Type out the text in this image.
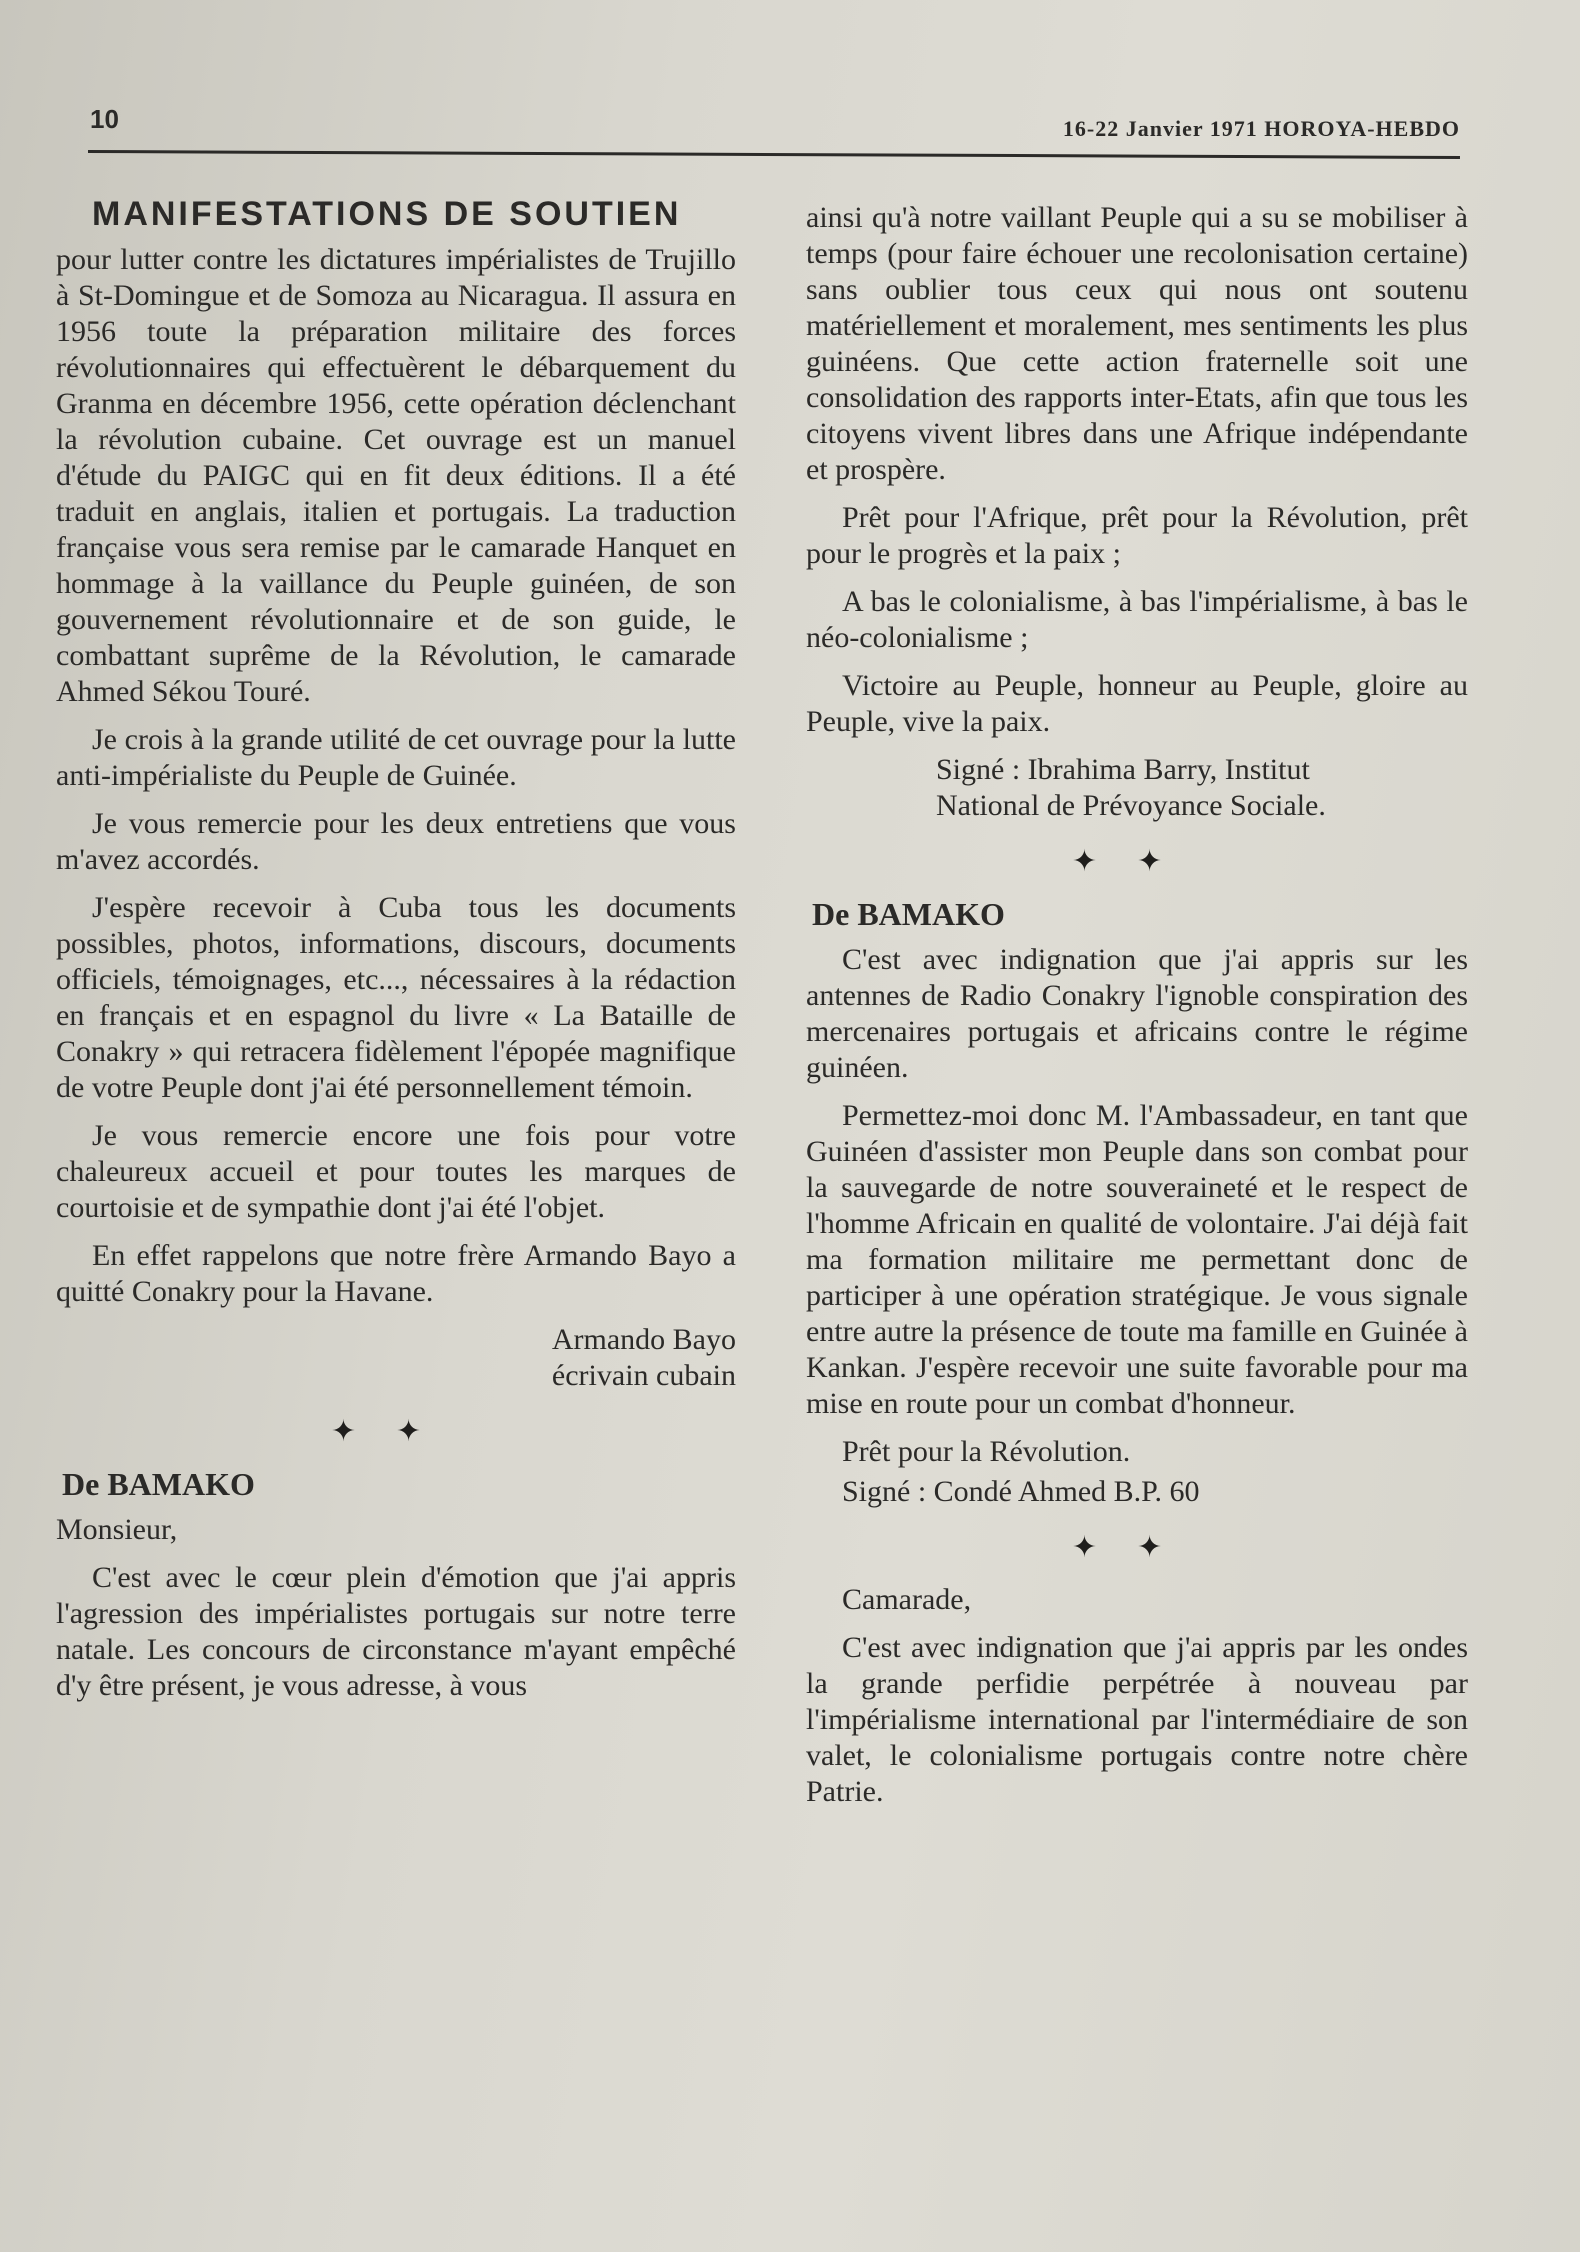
10	16-22 Janvier 1971 HOROYA-HEBDO
MANIFESTATIONS DE SOUTIEN

pour lutter contre les dictatures impérialistes de Trujillo à St-Domingue et de Somoza au Nicaragua. Il assura en 1956 toute la préparation militaire des forces révolutionnaires qui effectuèrent le débarquement du Granma en décembre 1956, cette opération déclenchant la révolution cubaine. Cet ouvrage est un manuel d'étude du PAIGC qui en fit deux éditions. Il a été traduit en anglais, italien et portugais. La traduction française vous sera remise par le camarade Hanquet en hommage à la vaillance du Peuple guinéen, de son gouvernement révolutionnaire et de son guide, le combattant suprême de la Révolution, le camarade Ahmed Sékou Touré.

Je crois à la grande utilité de cet ouvrage pour la lutte anti-impérialiste du Peuple de Guinée.

Je vous remercie pour les deux entretiens que vous m'avez accordés.

J'espère recevoir à Cuba tous les documents possibles, photos, informations, discours, documents officiels, témoignages, etc..., nécessaires à la rédaction en français et en espagnol du livre « La Bataille de Conakry » qui retracera fidèlement l'épopée magnifique de votre Peuple dont j'ai été personnellement témoin.

Je vous remercie encore une fois pour votre chaleureux accueil et pour toutes les marques de courtoisie et de sympathie dont j'ai été l'objet.

En effet rappelons que notre frère Armando Bayo a quitté Conakry pour la Havane.

Armando Bayo
écrivain cubain
✦✦
De BAMAKO

Monsieur,

C'est avec le cœur plein d'émotion que j'ai appris l'agression des impérialistes portugais sur notre terre natale. Les concours de circonstance m'ayant empêché d'y être présent, je vous adresse, à vous

ainsi qu'à notre vaillant Peuple qui a su se mobiliser à temps (pour faire échouer une recolonisation certaine) sans oublier tous ceux qui nous ont soutenu matériellement et moralement, mes sentiments les plus guinéens. Que cette action fraternelle soit une consolidation des rapports inter-Etats, afin que tous les citoyens vivent libres dans une Afrique indépendante et prospère.

Prêt pour l'Afrique, prêt pour la Révolution, prêt pour le progrès et la paix ;

A bas le colonialisme, à bas l'impérialisme, à bas le néo-colonialisme ;

Victoire au Peuple, honneur au Peuple, gloire au Peuple, vive la paix.

Signé : Ibrahima Barry, Institut
National de Prévoyance Sociale.
✦✦
De BAMAKO

C'est avec indignation que j'ai appris sur les antennes de Radio Conakry l'ignoble conspiration des mercenaires portugais et africains contre le régime guinéen.

Permettez-moi donc M. l'Ambassadeur, en tant que Guinéen d'assister mon Peuple dans son combat pour la sauvegarde de notre souveraineté et le respect de l'homme Africain en qualité de volontaire. J'ai déjà fait ma formation militaire me permettant donc de participer à une opération stratégique. Je vous signale entre autre la présence de toute ma famille en Guinée à Kankan. J'espère recevoir une suite favorable pour ma mise en route pour un combat d'honneur.

Prêt pour la Révolution.
Signé : Condé Ahmed B.P. 60
✦✦

Camarade,

C'est avec indignation que j'ai appris par les ondes la grande perfidie perpétrée à nouveau par l'impérialisme international par l'intermédiaire de son valet, le colonialisme portugais contre notre chère Patrie.
